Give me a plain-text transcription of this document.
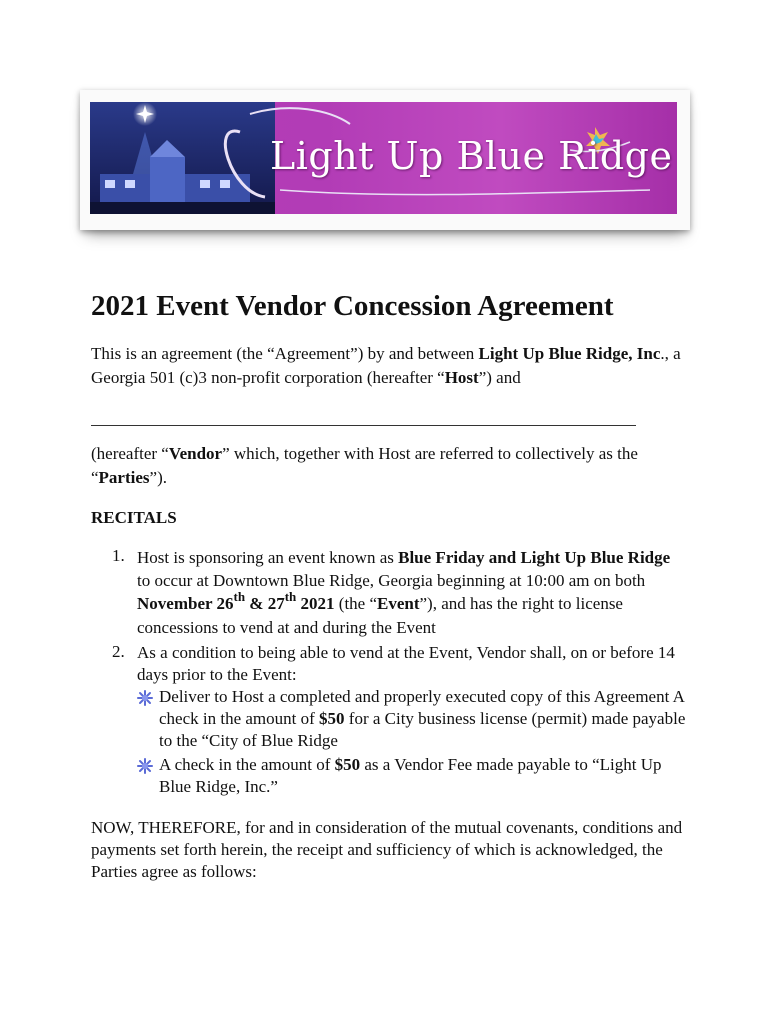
Light Up Blue Ridge
2021 Event Vendor Concession Agreement

This is an agreement (the “Agreement”) by and between Light Up Blue Ridge, Inc., a Georgia 501 (c)3 non-profit corporation (hereafter “Host”) and

(hereafter “Vendor” which, together with Host are referred to collectively as the “Parties”).

RECITALS

1. Host is sponsoring an event known as Blue Friday and Light Up Blue Ridge to occur at Downtown Blue Ridge, Georgia beginning at 10:00 am on both November 26th & 27th 2021 (the “Event”), and has the right to license concessions to vend at and during the Event

2. As a condition to being able to vend at the Event, Vendor shall, on or before 14 days prior to the Event:

Deliver to Host a completed and properly executed copy of this Agreement A check in the amount of $50 for a City business license (permit) made payable to the “City of Blue Ridge

A check in the amount of $50 as a Vendor Fee made payable to “Light Up Blue Ridge, Inc.”

NOW, THEREFORE, for and in consideration of the mutual covenants, conditions and payments set forth herein, the receipt and sufficiency of which is acknowledged, the Parties agree as follows:
